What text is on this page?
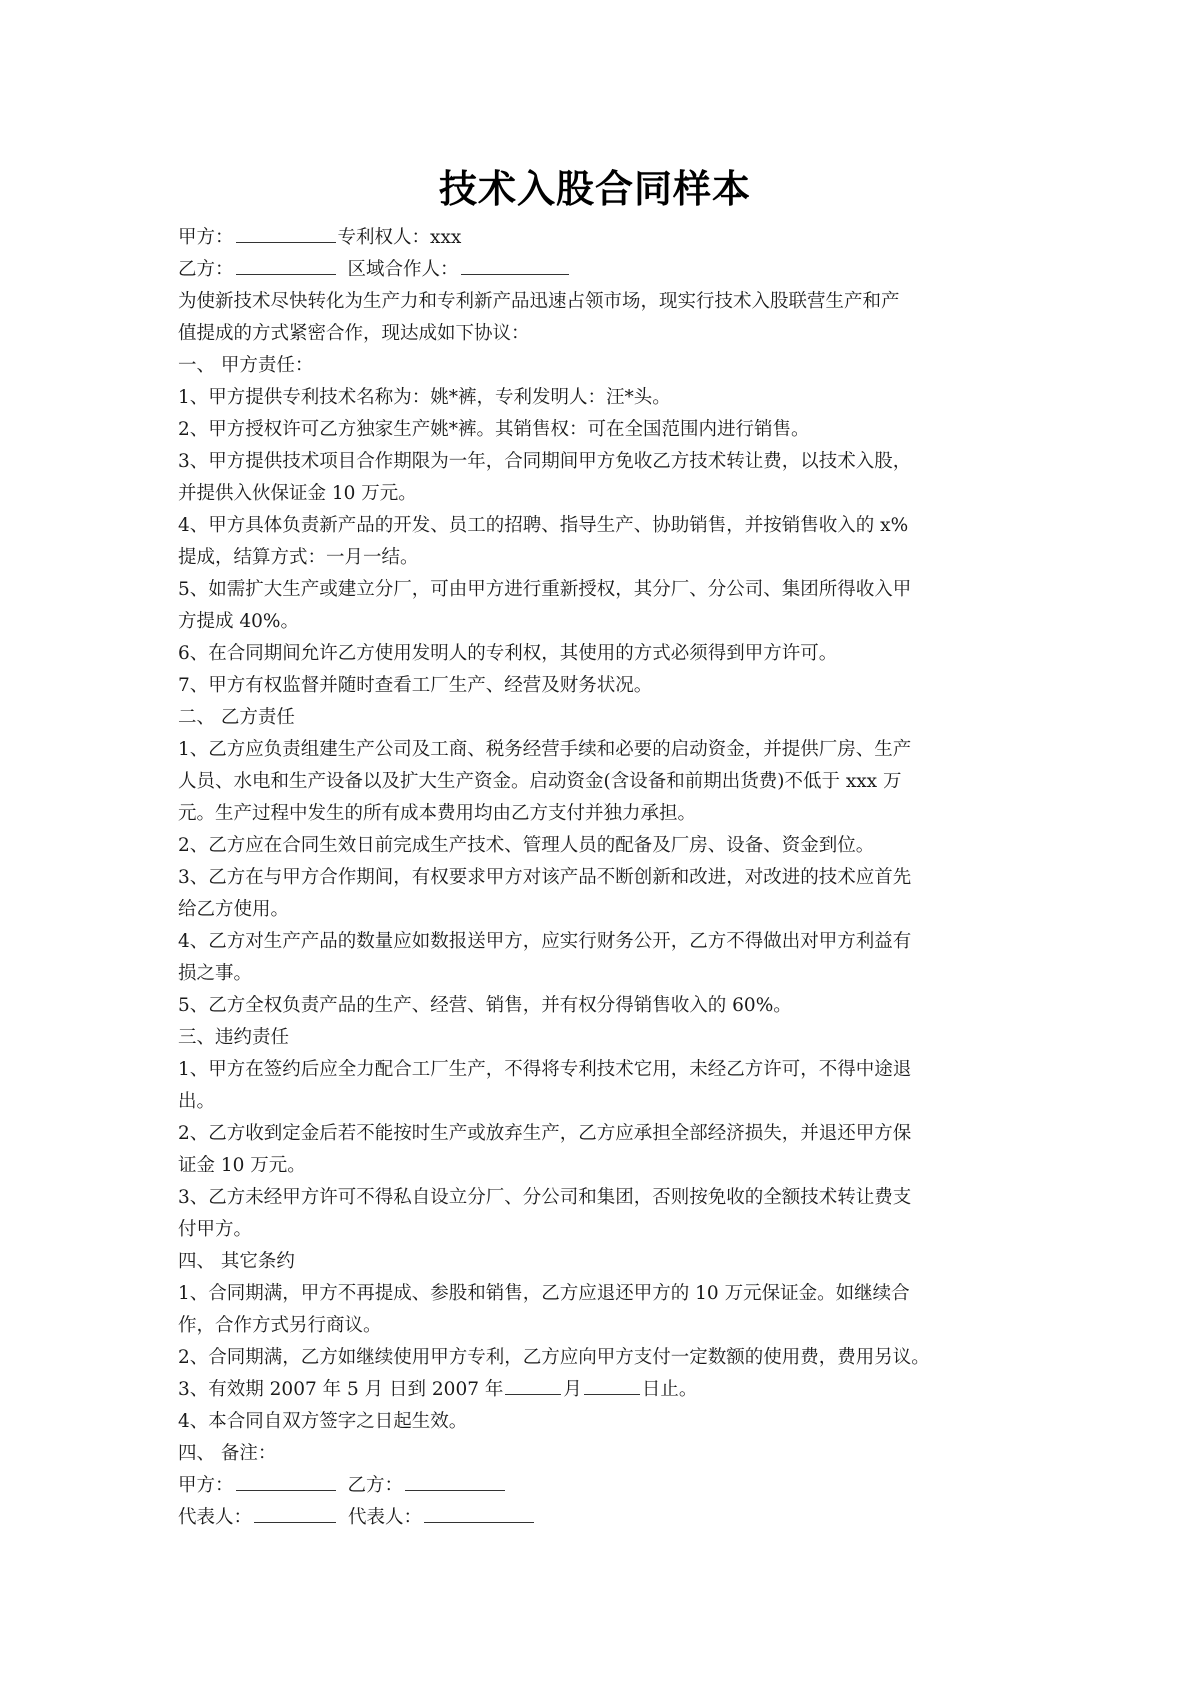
技术入股合同样本
甲方：	专利权人：xxx
乙方：	区域合作人：
为使新技术尽快转化为生产力和专利新产品迅速占领市场，现实行技术入股联营生产和产
值提成的方式紧密合作，现达成如下协议：
一、 甲方责任：
1、甲方提供专利技术名称为：姚*裤，专利发明人：汪*头。
2、甲方授权许可乙方独家生产姚*裤。其销售权：可在全国范围内进行销售。
3、甲方提供技术项目合作期限为一年，合同期间甲方免收乙方技术转让费，以技术入股，
并提供入伙保证金 10 万元。
4、甲方具体负责新产品的开发、员工的招聘、指导生产、协助销售，并按销售收入的 x%
提成，结算方式：一月一结。
5、如需扩大生产或建立分厂，可由甲方进行重新授权，其分厂、分公司、集团所得收入甲
方提成 40%。
6、在合同期间允许乙方使用发明人的专利权，其使用的方式必须得到甲方许可。
7、甲方有权监督并随时查看工厂生产、经营及财务状况。
二、 乙方责任
1、乙方应负责组建生产公司及工商、税务经营手续和必要的启动资金，并提供厂房、生产
人员、水电和生产设备以及扩大生产资金。启动资金(含设备和前期出货费)不低于 xxx 万
元。生产过程中发生的所有成本费用均由乙方支付并独力承担。
2、乙方应在合同生效日前完成生产技术、管理人员的配备及厂房、设备、资金到位。
3、乙方在与甲方合作期间，有权要求甲方对该产品不断创新和改进，对改进的技术应首先
给乙方使用。
4、乙方对生产产品的数量应如数报送甲方，应实行财务公开，乙方不得做出对甲方利益有
损之事。
5、乙方全权负责产品的生产、经营、销售，并有权分得销售收入的 60%。
三、违约责任
1、甲方在签约后应全力配合工厂生产，不得将专利技术它用，未经乙方许可，不得中途退
出。
2、乙方收到定金后若不能按时生产或放弃生产，乙方应承担全部经济损失，并退还甲方保
证金 10 万元。
3、乙方未经甲方许可不得私自设立分厂、分公司和集团，否则按免收的全额技术转让费支
付甲方。
四、 其它条约
1、合同期满，甲方不再提成、参股和销售，乙方应退还甲方的 10 万元保证金。如继续合
作，合作方式另行商议。
2、合同期满，乙方如继续使用甲方专利，乙方应向甲方支付一定数额的使用费，费用另议。
3、有效期 2007 年 5 月 日到 2007 年	月	日止。
4、本合同自双方签字之日起生效。
四、 备注：
甲方：	乙方：
代表人：	代表人：
